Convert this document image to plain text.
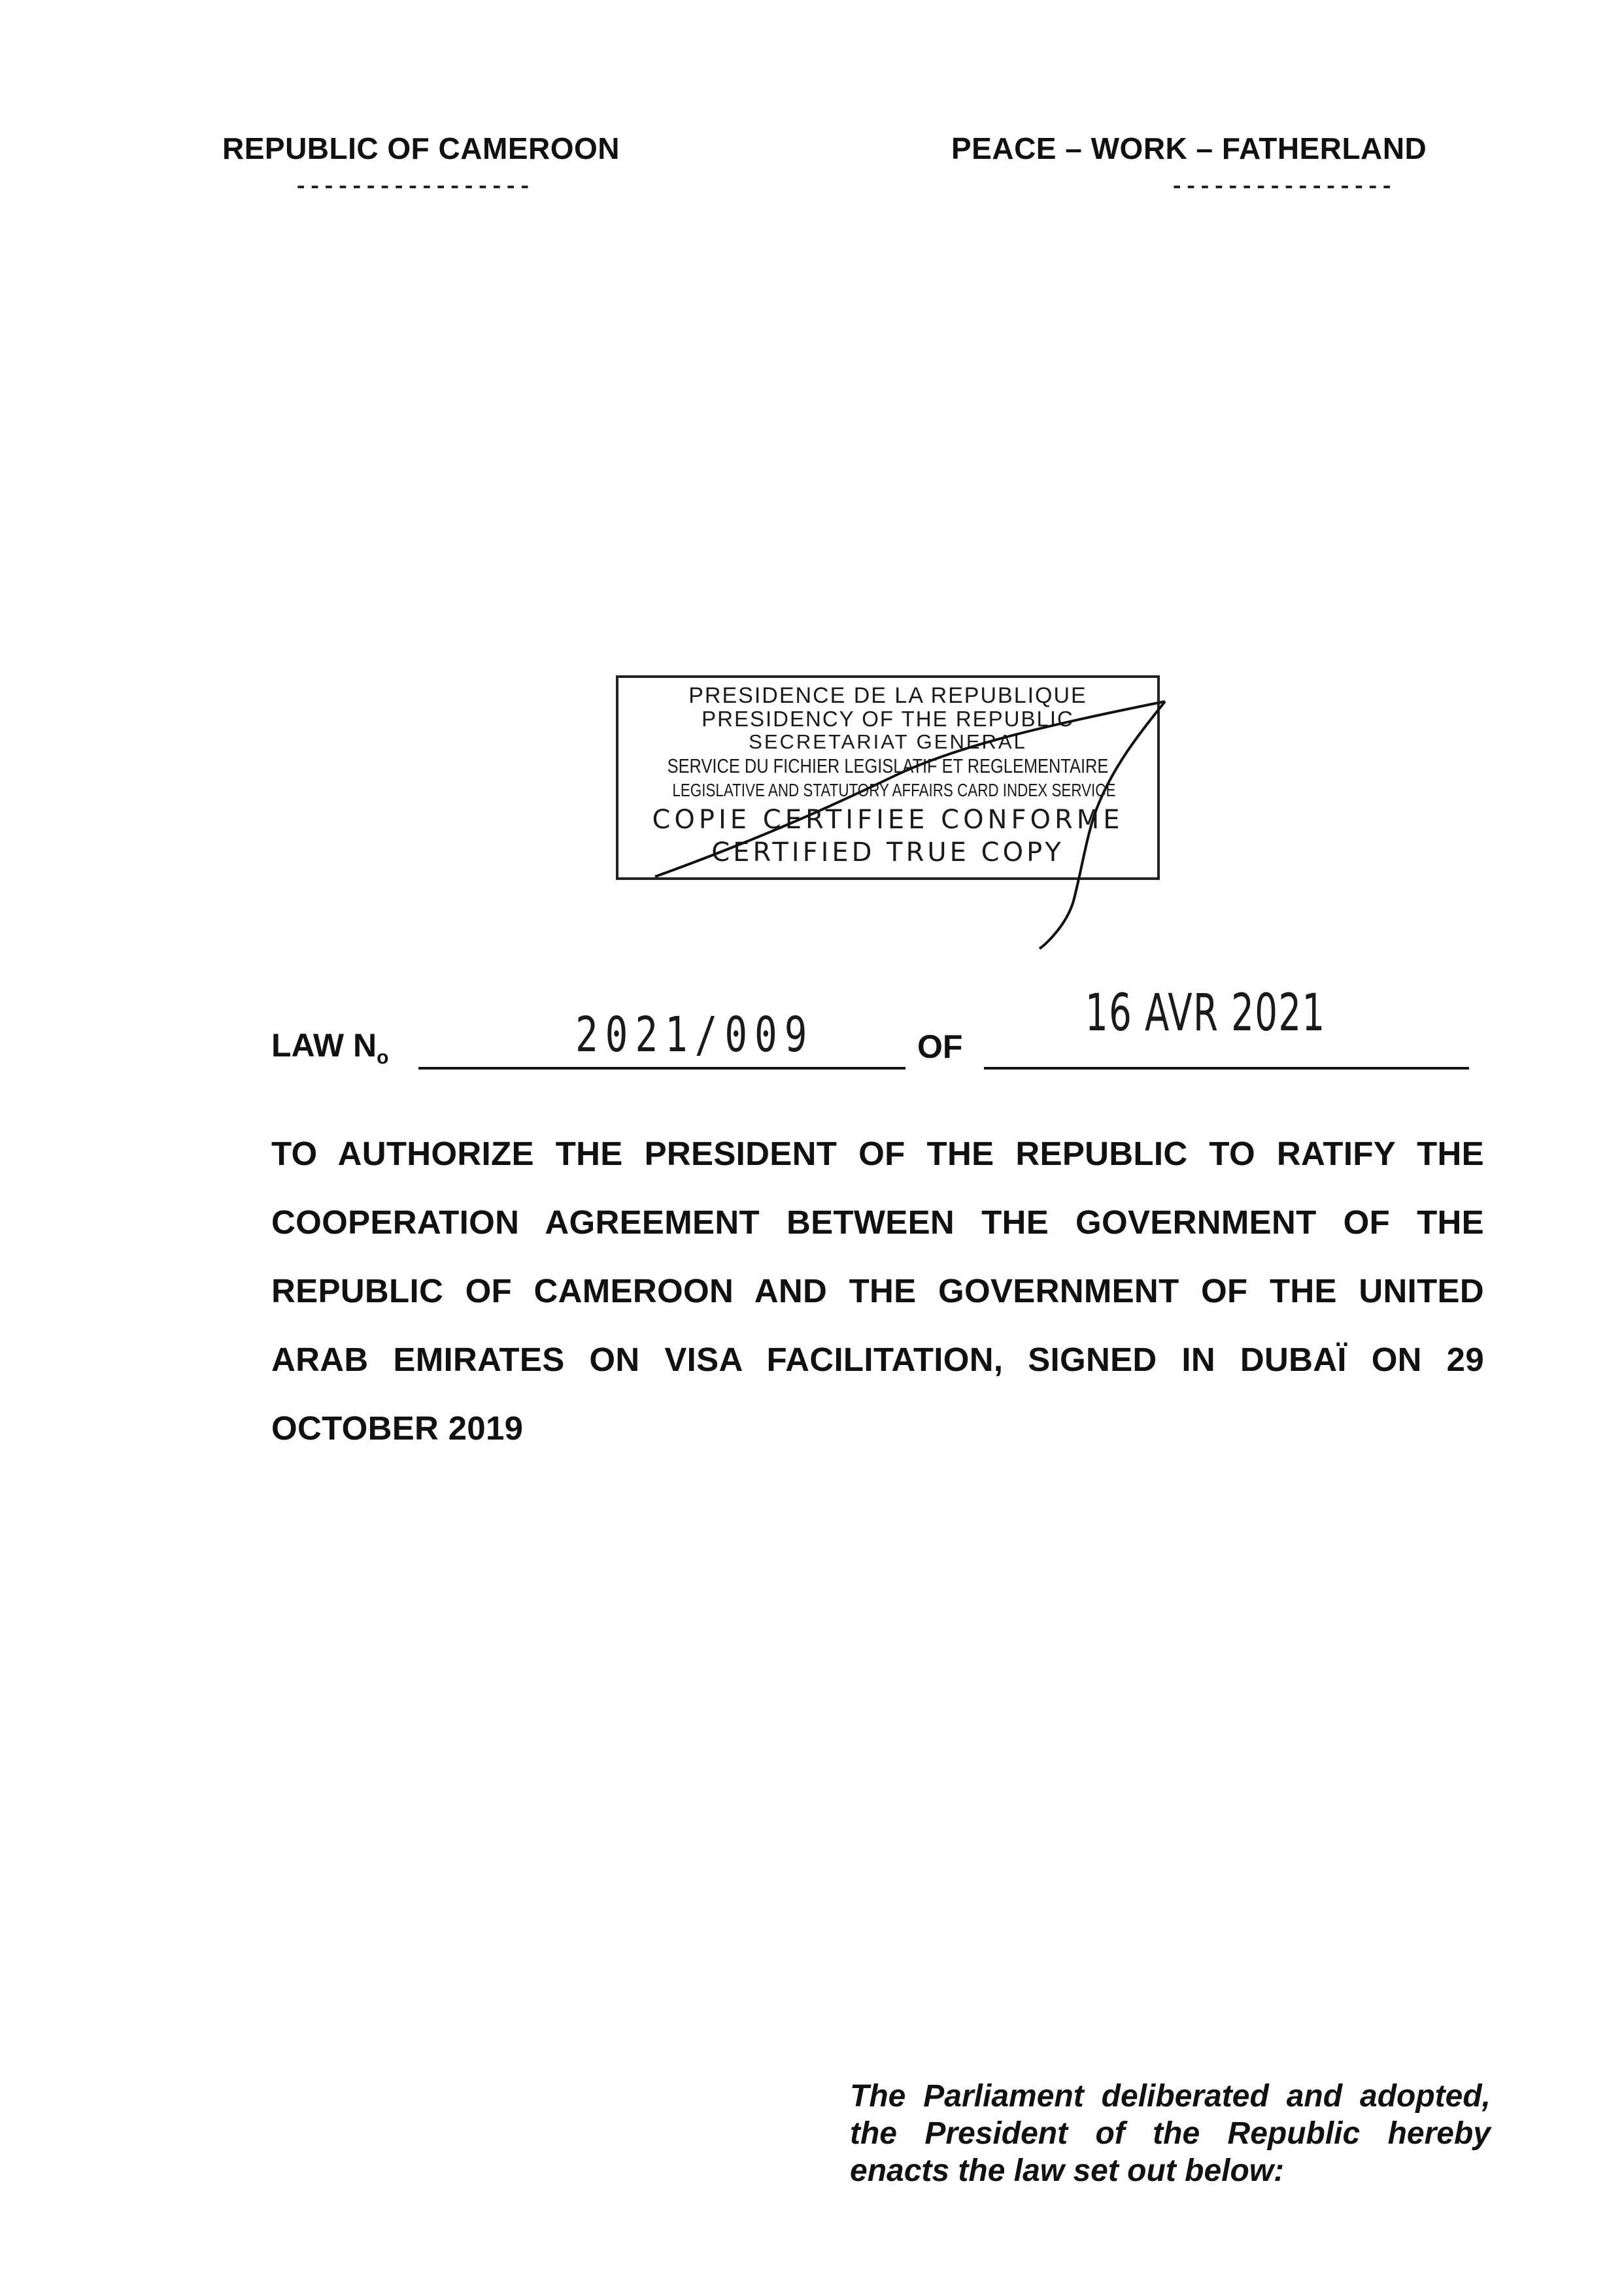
REPUBLIC OF CAMEROON
-----------------
PEACE – WORK – FATHERLAND
----------------
PRESIDENCE DE LA REPUBLIQUE
PRESIDENCY OF THE REPUBLIC
SECRETARIAT GENERAL
SERVICE DU FICHIER LEGISLATIF ET REGLEMENTAIRE
LEGISLATIVE AND STATUTORY AFFAIRS CARD INDEX SERVICE
COPIE CERTIFIEE CONFORME
CERTIFIED TRUE COPY
LAW $N_o$	2021/009	OF
16 AVR 2021
TO AUTHORIZE THE PRESIDENT OF THE REPUBLIC TO RATIFY THE COOPERATION AGREEMENT BETWEEN THE GOVERNMENT OF THE REPUBLIC OF CAMEROON AND THE GOVERNMENT OF THE UNITED ARAB EMIRATES ON VISA FACILITATION, SIGNED IN DUBAÏ ON 29 OCTOBER 2019
The Parliament deliberated and adopted, the President of the Republic hereby enacts the law set out below:
